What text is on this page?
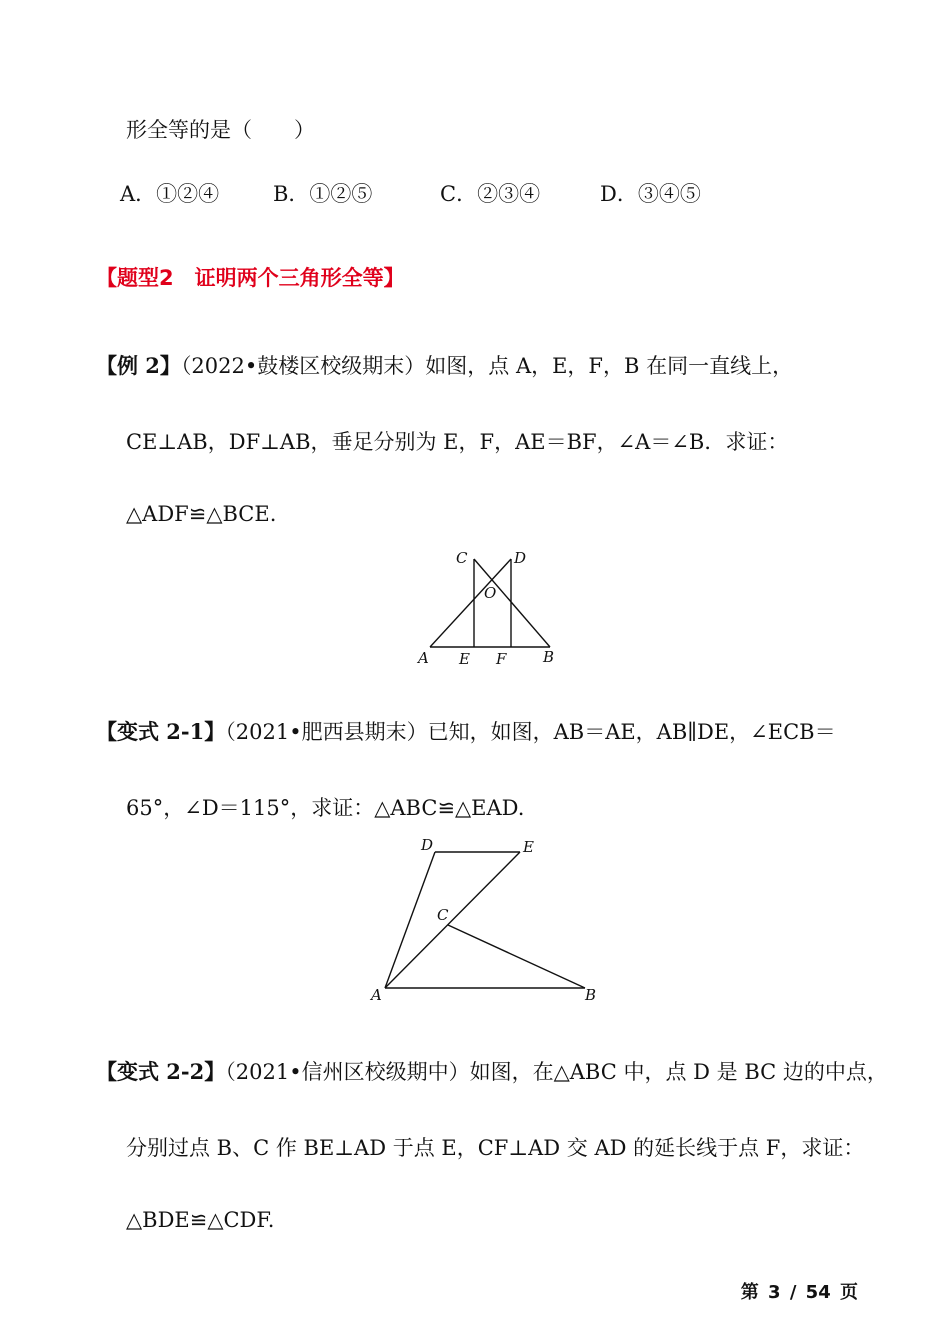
形全等的是（　　）
A．①②④	B．①②⑤	C．②③④	D．③④⑤
【题型2　证明两个三角形全等】
【例 2】（2022•鼓楼区校级期末）如图，点 A，E，F，B 在同一直线上，
CE⊥AB，DF⊥AB，垂足分别为 E，F，AE＝BF，∠A＝∠B．求证：
△ADF≌△BCE.
C	D
O
A E F B
【变式 2-1】（2021•肥西县期末）已知，如图，AB＝AE，AB∥DE，∠ECB＝
65°，∠D＝115°，求证：△ABC≌△EAD.
D	E
C
A	B
【变式 2-2】（2021•信州区校级期中）如图，在△ABC 中，点 D 是 BC 边的中点，
分别过点 B、C 作 BE⊥AD 于点 E，CF⊥AD 交 AD 的延长线于点 F，求证：
△BDE≌△CDF.
第 3 / 54 页
